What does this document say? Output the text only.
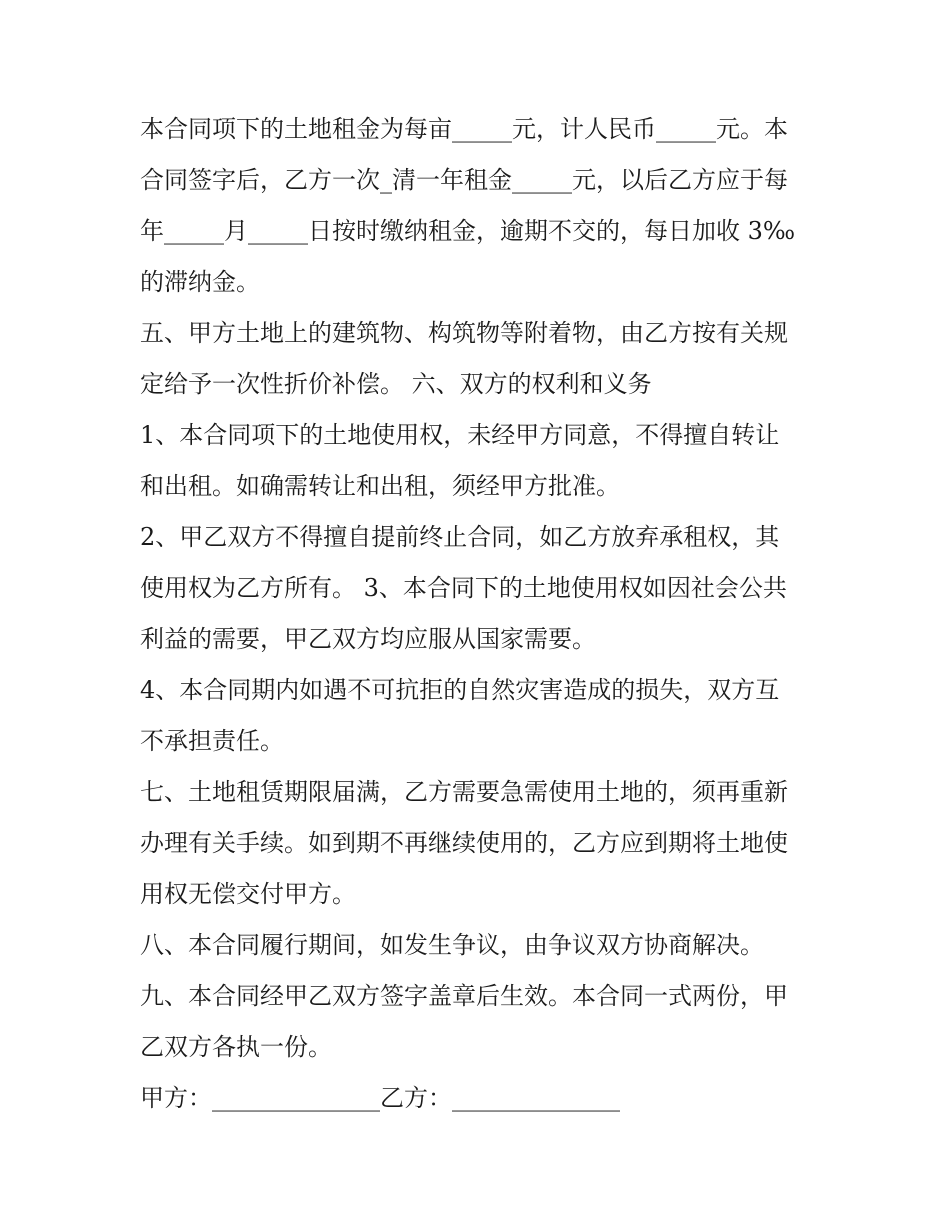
本合同项下的土地租金为每亩_____元，计人民币_____元。本
合同签字后，乙方一次_清一年租金_____元，以后乙方应于每
年_____月_____日按时缴纳租金，逾期不交的，每日加收 3‰
的滞纳金。
五、甲方土地上的建筑物、构筑物等附着物，由乙方按有关规
定给予一次性折价补偿。 六、双方的权利和义务
1、本合同项下的土地使用权，未经甲方同意，不得擅自转让
和出租。如确需转让和出租，须经甲方批准。
2、甲乙双方不得擅自提前终止合同，如乙方放弃承租权，其
使用权为乙方所有。 3、本合同下的土地使用权如因社会公共
利益的需要，甲乙双方均应服从国家需要。
4、本合同期内如遇不可抗拒的自然灾害造成的损失，双方互
不承担责任。
七、土地租赁期限届满，乙方需要急需使用土地的，须再重新
办理有关手续。如到期不再继续使用的，乙方应到期将土地使
用权无偿交付甲方。
八、本合同履行期间，如发生争议，由争议双方协商解决。
九、本合同经甲乙双方签字盖章后生效。本合同一式两份，甲
乙双方各执一份。
甲方：______________乙方：______________
